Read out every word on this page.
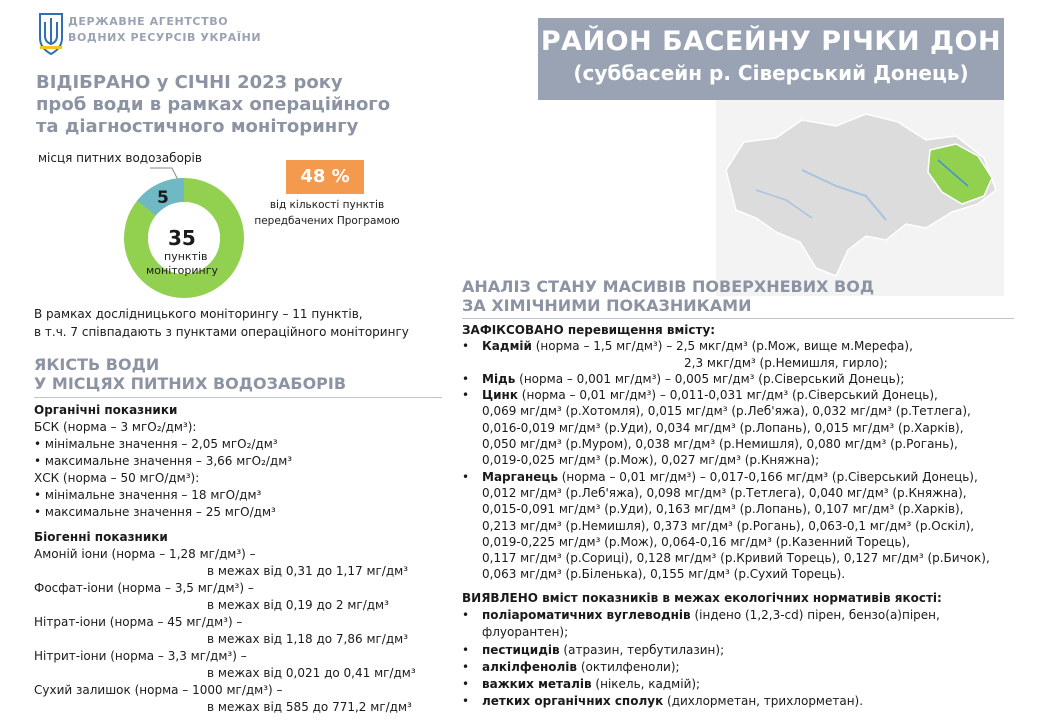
ДЕРЖАВНЕ АГЕНТСТВО
ВОДНИХ РЕСУРСІВ УКРАЇНИ	РАЙОН БАСЕЙНУ РІЧКИ ДОН
(суббасейн р. Сіверський Донець)
ВІДІБРАНО у СІЧНІ 2023 року
проб води в рамках операційного
та діагностичного моніторингу
місця питних водозаборів
5
35
пунктів
моніторингу
48 %
від кількості пунктів
передбачених Програмою
В рамках дослідницького моніторингу – 11 пунктів,
в т.ч. 7 співпадають з пунктами операційного моніторингу
ЯКІСТЬ ВОДИ
У МІСЦЯХ ПИТНИХ ВОДОЗАБОРІВ
Органічні показники
БСК (норма – 3 мгО₂/дм³):
• мінімальне значення – 2,05 мгО₂/дм³
• максимальне значення – 3,66 мгО₂/дм³
ХСК (норма – 50 мгО/дм³):
• мінімальне значення – 18 мгО/дм³
• максимальне значення – 25 мгО/дм³
Біогенні показники
Амоній іони (норма – 1,28 мг/дм³) –
в межах від 0,31 до 1,17 мг/дм³
Фосфат-іони (норма – 3,5 мг/дм³) –
в межах від 0,19 до 2 мг/дм³
Нітрат-іони (норма – 45 мг/дм³) –
в межах від 1,18 до 7,86 мг/дм³
Нітрит-іони (норма – 3,3 мг/дм³) –
в межах від 0,021 до 0,41 мг/дм³
Сухий залишок (норма – 1000 мг/дм³) –
в межах від 585 до 771,2 мг/дм³
АНАЛІЗ СТАНУ МАСИВІВ ПОВЕРХНЕВИХ ВОД
ЗА ХІМІЧНИМИ ПОКАЗНИКАМИ
ЗАФІКСОВАНО перевищення вмісту:
• Кадмій (норма – 1,5 мг/дм³) – 2,5 мкг/дм³ (р.Мож, вище м.Мерефа),
2,3 мкг/дм³ (р.Немишля, гирло);
• Мідь (норма – 0,001 мг/дм³) – 0,005 мг/дм³ (р.Сіверський Донець);
• Цинк (норма – 0,01 мг/дм³) – 0,011-0,031 мг/дм³ (р.Сіверський Донець),
0,069 мг/дм³ (р.Хотомля), 0,015 мг/дм³ (р.Леб'яжа), 0,032 мг/дм³ (р.Тетлега),
0,016-0,019 мг/дм³ (р.Уди), 0,034 мг/дм³ (р.Лопань), 0,015 мг/дм³ (р.Харків),
0,050 мг/дм³ (р.Муром), 0,038 мг/дм³ (р.Немишля), 0,080 мг/дм³ (р.Рогань),
0,019-0,025 мг/дм³ (р.Мож), 0,027 мг/дм³ (р.Княжна);
• Марганець (норма – 0,01 мг/дм³) – 0,017-0,166 мг/дм³ (р.Сіверський Донець),
0,012 мг/дм³ (р.Леб'яжа), 0,098 мг/дм³ (р.Тетлега), 0,040 мг/дм³ (р.Княжна),
0,015-0,091 мг/дм³ (р.Уди), 0,163 мг/дм³ (р.Лопань), 0,107 мг/дм³ (р.Харків),
0,213 мг/дм³ (р.Немишля), 0,373 мг/дм³ (р.Рогань), 0,063-0,1 мг/дм³ (р.Оскіл),
0,019-0,225 мг/дм³ (р.Мож), 0,064-0,16 мг/дм³ (р.Казенний Торець),
0,117 мг/дм³ (р.Сориці), 0,128 мг/дм³ (р.Кривий Торець), 0,127 мг/дм³ (р.Бичок),
0,063 мг/дм³ (р.Біленька), 0,155 мг/дм³ (р.Сухий Торець).
ВИЯВЛЕНО вміст показників в межах екологічних нормативів якості:
• поліароматичних вуглеводнів (індено (1,2,3-cd) пірен, бензо(а)пірен,
флуорантен);
• пестицидів (атразин, тербутилазин);
• алкілфенолів (октилфеноли);
• важких металів (нікель, кадмій);
• летких органічних сполук (дихлорметан, трихлорметан).
